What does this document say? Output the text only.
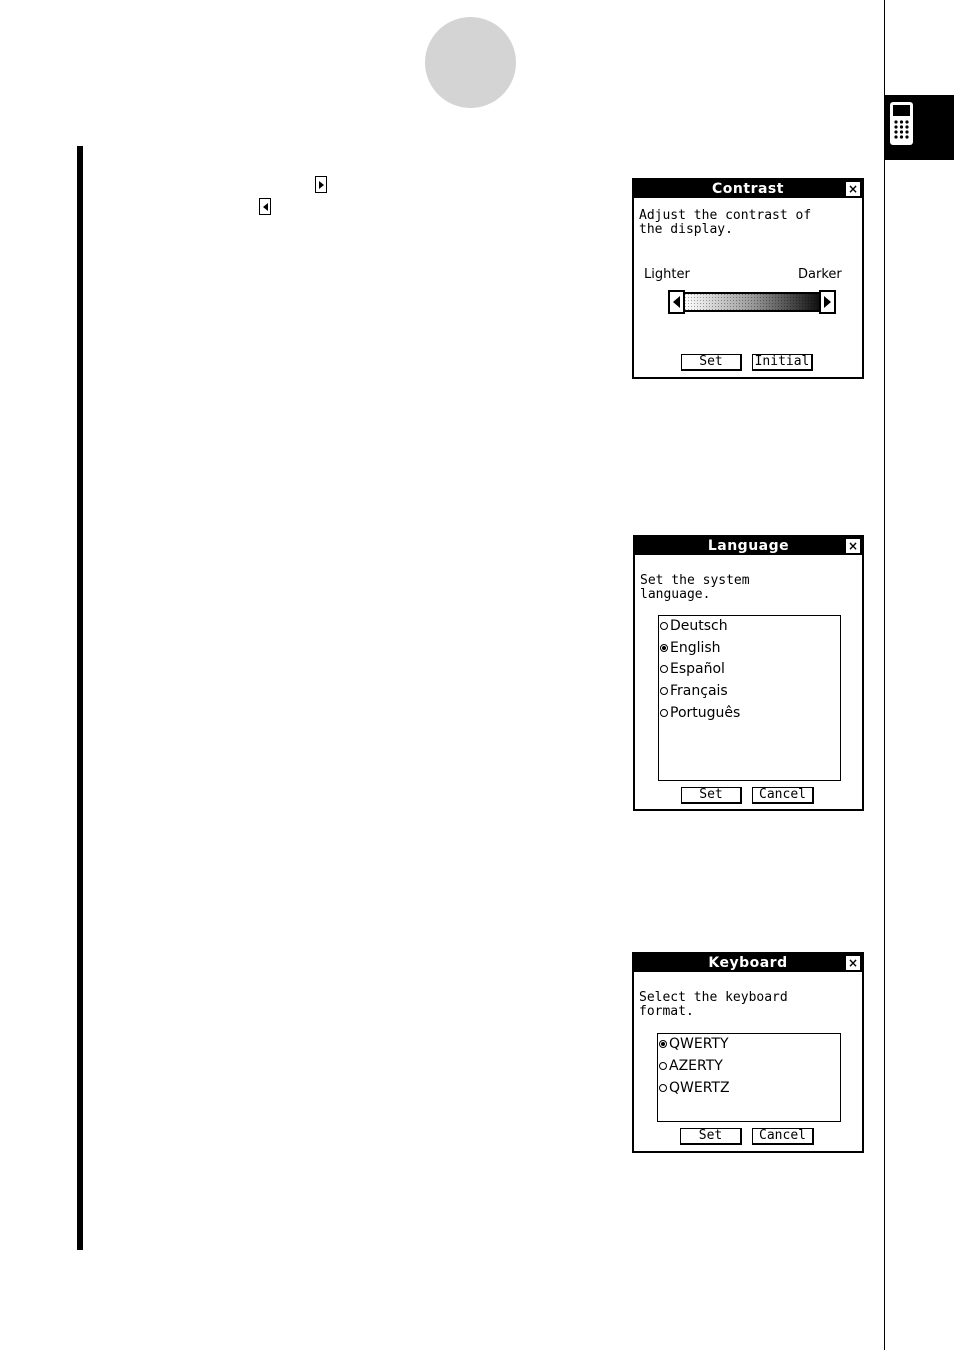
Contrast	×
Adjust the contrast of
the display.
Lighter	Darker
Set	Initial
Language	×
Set the system
language.
Deutsch
English
Español
Français
Português
Set	Cancel
Keyboard	×
Select the keyboard
format.
QWERTY
AZERTY
QWERTZ
Set	Cancel
